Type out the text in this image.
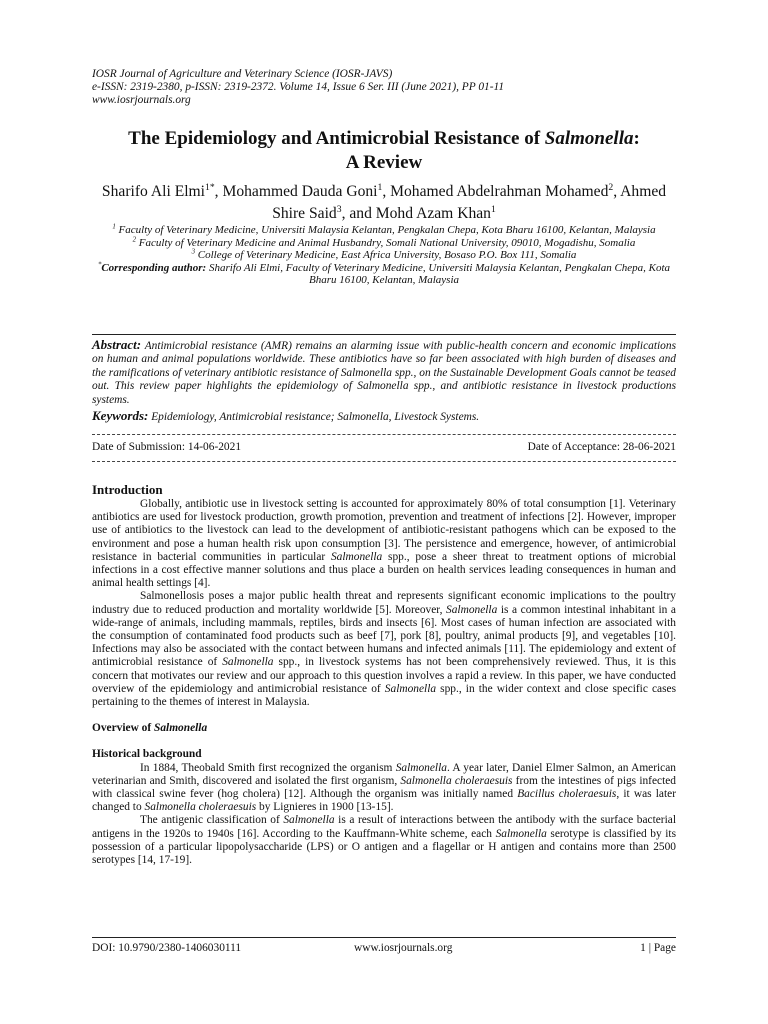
IOSR Journal of Agriculture and Veterinary Science (IOSR-JAVS)
e-ISSN: 2319-2380, p-ISSN: 2319-2372. Volume 14, Issue 6 Ser. III (June 2021), PP 01-11
www.iosrjournals.org
The Epidemiology and Antimicrobial Resistance of Salmonella:
A Review
Sharifo Ali Elmi$^{1*}$, Mohammed Dauda Goni$^1$, Mohamed Abdelrahman Mohamed$^2$, Ahmed Shire Said$^3$, and Mohd Azam Khan$^1$

$^1$ Faculty of Veterinary Medicine, Universiti Malaysia Kelantan, Pengkalan Chepa, Kota Bharu 16100, Kelantan, Malaysia

$^2$ Faculty of Veterinary Medicine and Animal Husbandry, Somali National University, 09010, Mogadishu, Somalia

$^3$ College of Veterinary Medicine, East Africa University, Bosaso P.O. Box 111, Somalia

*Corresponding author: Sharifo Ali Elmi, Faculty of Veterinary Medicine, Universiti Malaysia Kelantan, Pengkalan Chepa, Kota Bharu 16100, Kelantan, Malaysia

Abstract: Antimicrobial resistance (AMR) remains an alarming issue with public-health concern and economic implications on human and animal populations worldwide. These antibiotics have so far been associated with high burden of diseases and the ramifications of veterinary antibiotic resistance of Salmonella spp., on the Sustainable Development Goals cannot be teased out. This review paper highlights the epidemiology of Salmonella spp., and antibiotic resistance in livestock productions systems.
Keywords: Epidemiology, Antimicrobial resistance; Salmonella, Livestock Systems.
Date of Submission: 14-06-2021	Date of Acceptance: 28-06-2021
Introduction

Globally, antibiotic use in livestock setting is accounted for approximately 80% of total consumption [1]. Veterinary antibiotics are used for livestock production, growth promotion, prevention and treatment of infections [2]. However, improper use of antibiotics to the livestock can lead to the development of antibiotic-resistant pathogens which can be exposed to the environment and pose a human health risk upon consumption [3]. The persistence and emergence, however, of antimicrobial resistance in bacterial communities in particular Salmonella spp., pose a sheer threat to treatment options of microbial infections in a cost effective manner solutions and thus place a burden on health services leading consequences in human and animal health settings [4].

Salmonellosis poses a major public health threat and represents significant economic implications to the poultry industry due to reduced production and mortality worldwide [5]. Moreover, Salmonella is a common intestinal inhabitant in a wide-range of animals, including mammals, reptiles, birds and insects [6]. Most cases of human infection are associated with the consumption of contaminated food products such as beef [7], pork [8], poultry, animal products [9], and vegetables [10]. Infections may also be associated with the contact between humans and infected animals [11]. The epidemiology and extent of antimicrobial resistance of Salmonella spp., in livestock systems has not been comprehensively reviewed. Thus, it is this concern that motivates our review and our approach to this question involves a rapid a review. In this paper, we have conducted overview of the epidemiology and antimicrobial resistance of Salmonella spp., in the wider context and close specific cases pertaining to the themes of interest in Malaysia.

Overview of Salmonella
Historical background

In 1884, Theobald Smith first recognized the organism Salmonella. A year later, Daniel Elmer Salmon, an American veterinarian and Smith, discovered and isolated the first organism, Salmonella choleraesuis from the intestines of pigs infected with classical swine fever (hog cholera) [12]. Although the organism was initially named Bacillus choleraesuis, it was later changed to Salmonella choleraesuis by Lignieres in 1900 [13-15].

The antigenic classification of Salmonella is a result of interactions between the antibody with the surface bacterial antigens in the 1920s to 1940s [16]. According to the Kauffmann-White scheme, each Salmonella serotype is classified by its possession of a particular lipopolysaccharide (LPS) or O antigen and a flagellar or H antigen and contains more than 2500 serotypes [14, 17-19].

DOI: 10.9790/2380-1406030111	www.iosrjournals.org	1 | Page
